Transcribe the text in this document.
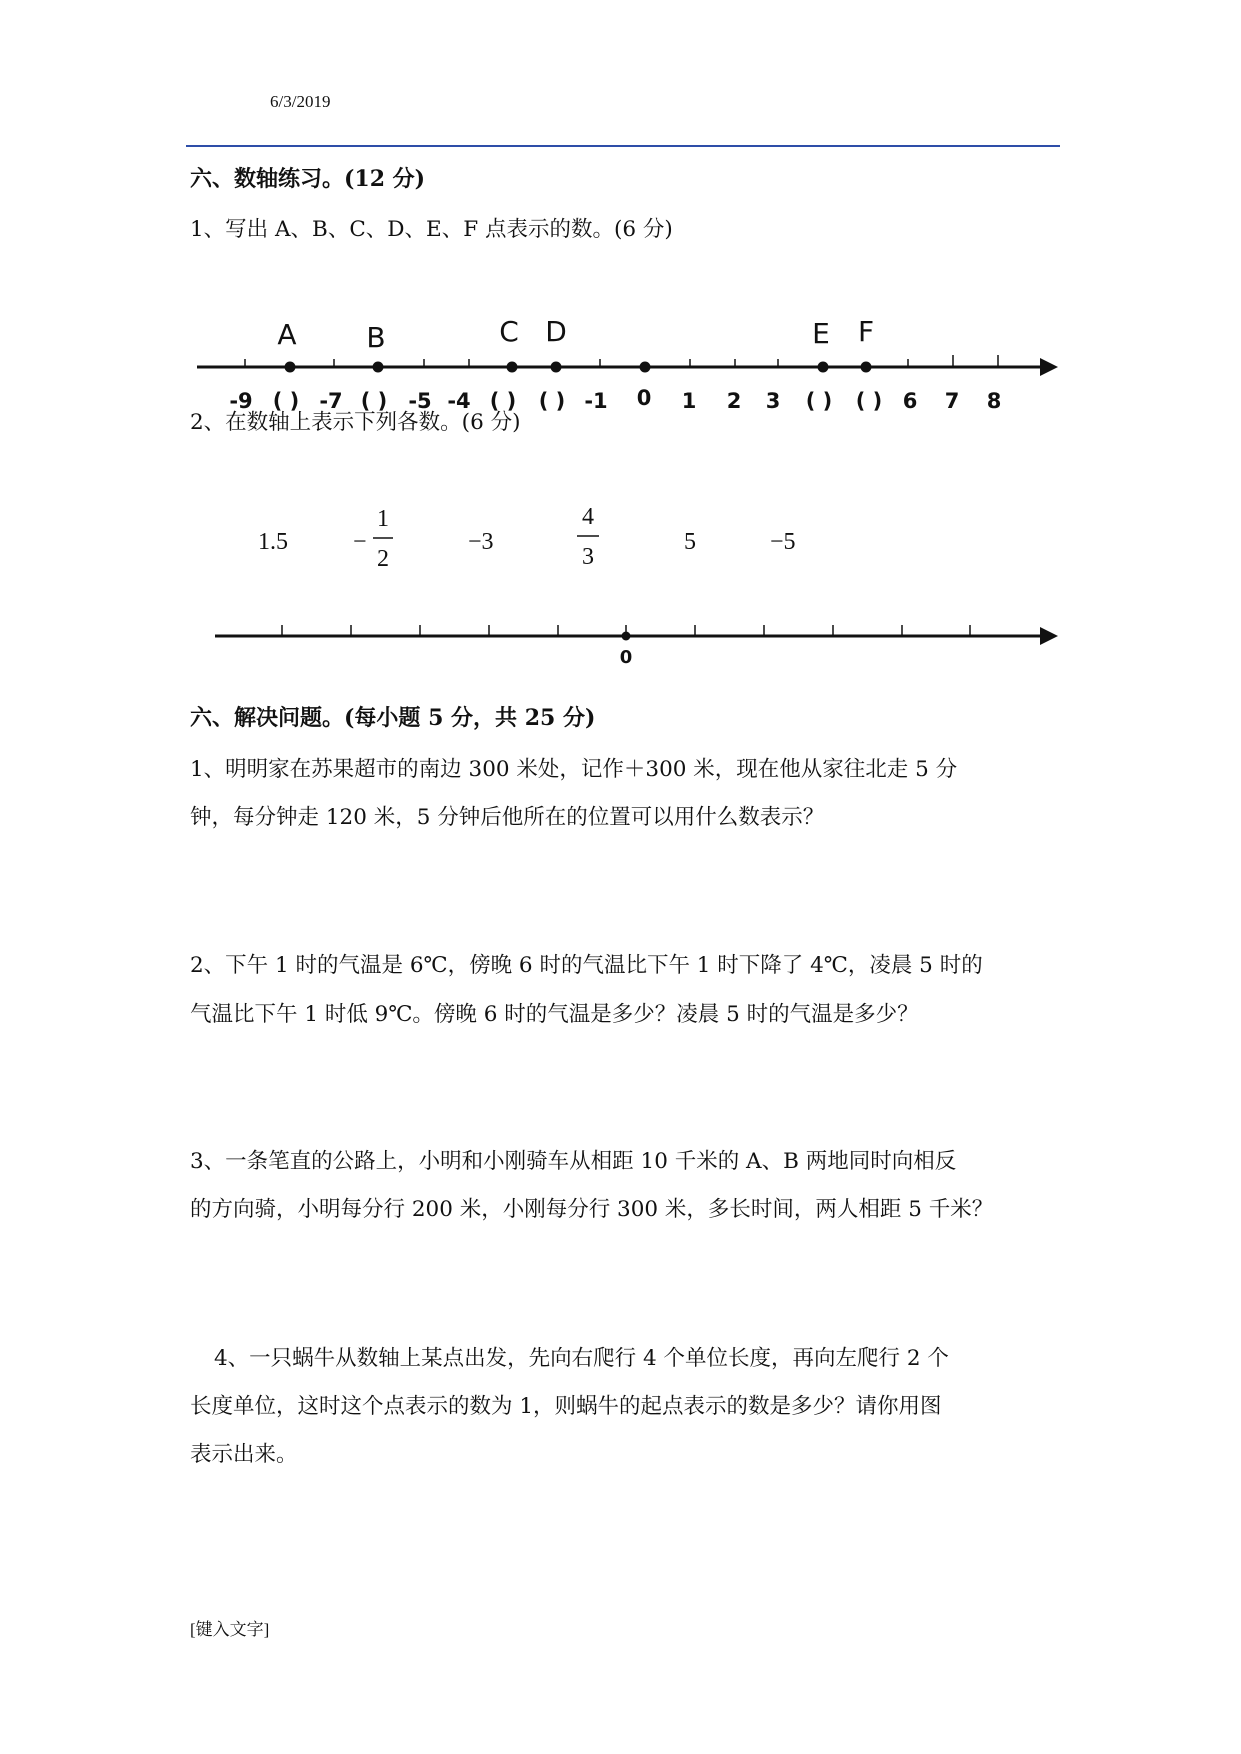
6/3/2019
六、数轴练习。(12 分)
1、写出 A、B、C、D、E、F 点表示的数。(6 分)
A B	C D	E F
-9 ( ) -7 ( ) -5 -4 ( ) ( ) -1 0 1 2 3 ( ) ( ) 6 7 8
2、在数轴上表示下列各数。(6 分)
1.5	−
1
2
−3
4
3
5	−5
0
六、解决问题。(每小题 5 分，共 25 分)
1、明明家在苏果超市的南边 300 米处，记作＋300 米，现在他从家往北走 5 分
钟，每分钟走 120 米，5 分钟后他所在的位置可以用什么数表示？
2、下午 1 时的气温是 6℃，傍晚 6 时的气温比下午 1 时下降了 4℃，凌晨 5 时的
气温比下午 1 时低 9℃。傍晚 6 时的气温是多少？凌晨 5 时的气温是多少？
3、一条笔直的公路上，小明和小刚骑车从相距 10 千米的 A、B 两地同时向相反
的方向骑，小明每分行 200 米，小刚每分行 300 米，多长时间，两人相距 5 千米？
4、一只蜗牛从数轴上某点出发，先向右爬行 4 个单位长度，再向左爬行 2 个
长度单位，这时这个点表示的数为 1，则蜗牛的起点表示的数是多少？请你用图
表示出来。
[键入文字]
